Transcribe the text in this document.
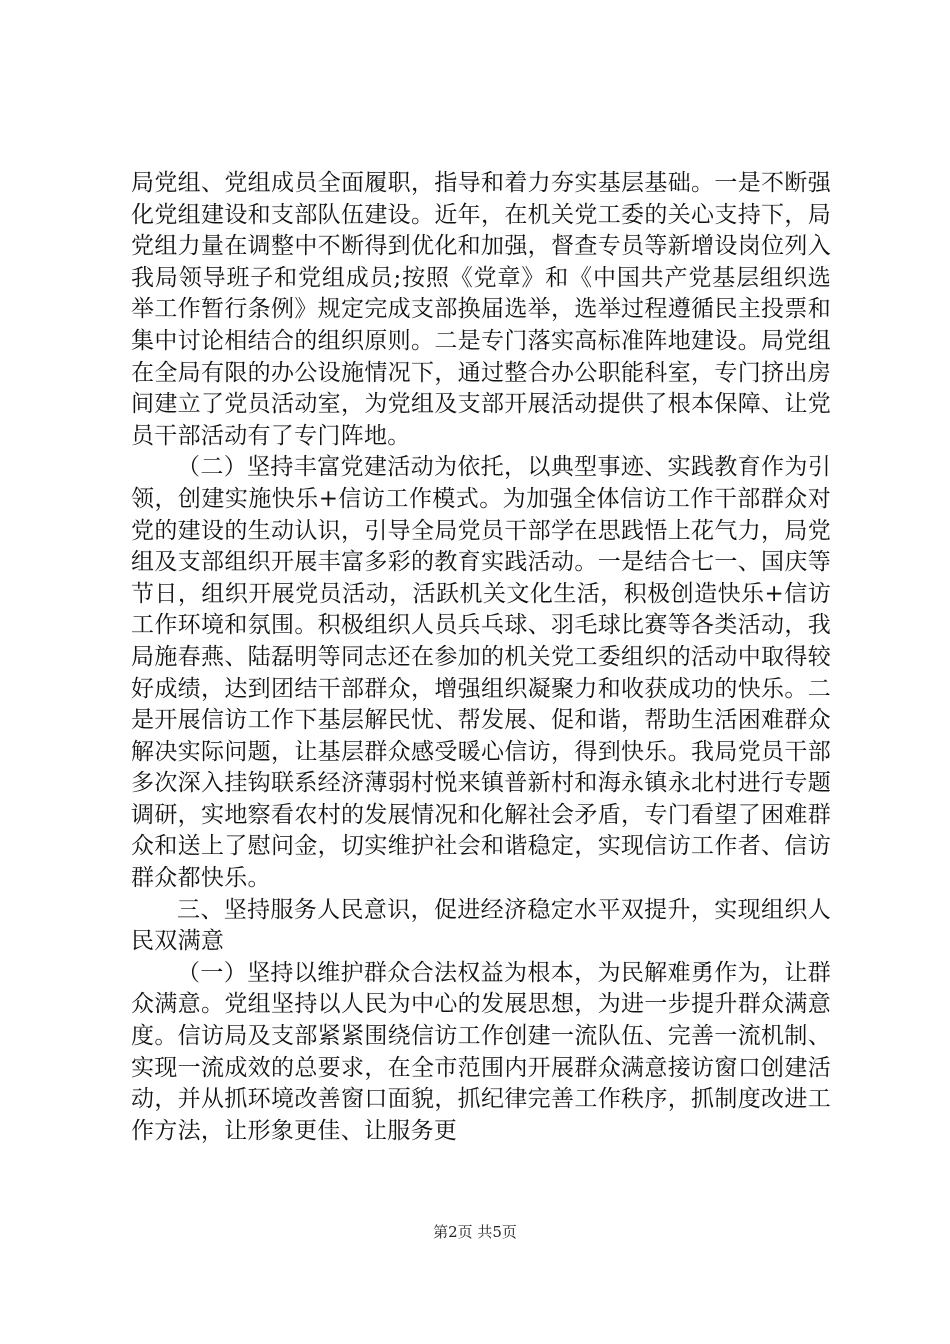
局党组、党组成员全面履职，指导和着力夯实基层基础。一是不断强化党组建设和支部队伍建设。近年，在机关党工委的关心支持下，局党组力量在调整中不断得到优化和加强，督查专员等新增设岗位列入我局领导班子和党组成员;按照《党章》和《中国共产党基层组织选举工作暂行条例》规定完成支部换届选举，选举过程遵循民主投票和集中讨论相结合的组织原则。二是专门落实高标准阵地建设。局党组在全局有限的办公设施情况下，通过整合办公职能科室，专门挤出房间建立了党员活动室，为党组及支部开展活动提供了根本保障、让党员干部活动有了专门阵地。

（二）坚持丰富党建活动为依托，以典型事迹、实践教育作为引领，创建实施快乐+信访工作模式。为加强全体信访工作干部群众对党的建设的生动认识，引导全局党员干部学在思践悟上花气力，局党组及支部组织开展丰富多彩的教育实践活动。一是结合七一、国庆等节日，组织开展党员活动，活跃机关文化生活，积极创造快乐+信访工作环境和氛围。积极组织人员兵乓球、羽毛球比赛等各类活动，我局施春燕、陆磊明等同志还在参加的机关党工委组织的活动中取得较好成绩，达到团结干部群众，增强组织凝聚力和收获成功的快乐。二是开展信访工作下基层解民忧、帮发展、促和谐，帮助生活困难群众解决实际问题，让基层群众感受暖心信访，得到快乐。我局党员干部多次深入挂钩联系经济薄弱村悦来镇普新村和海永镇永北村进行专题调研，实地察看农村的发展情况和化解社会矛盾，专门看望了困难群众和送上了慰问金，切实维护社会和谐稳定，实现信访工作者、信访群众都快乐。

三、坚持服务人民意识，促进经济稳定水平双提升，实现组织人民双满意

（一）坚持以维护群众合法权益为根本，为民解难勇作为，让群众满意。党组坚持以人民为中心的发展思想，为进一步提升群众满意度。信访局及支部紧紧围绕信访工作创建一流队伍、完善一流机制、实现一流成效的总要求，在全市范围内开展群众满意接访窗口创建活动，并从抓环境改善窗口面貌，抓纪律完善工作秩序，抓制度改进工作方法，让形象更佳、让服务更

第2页 共5页
